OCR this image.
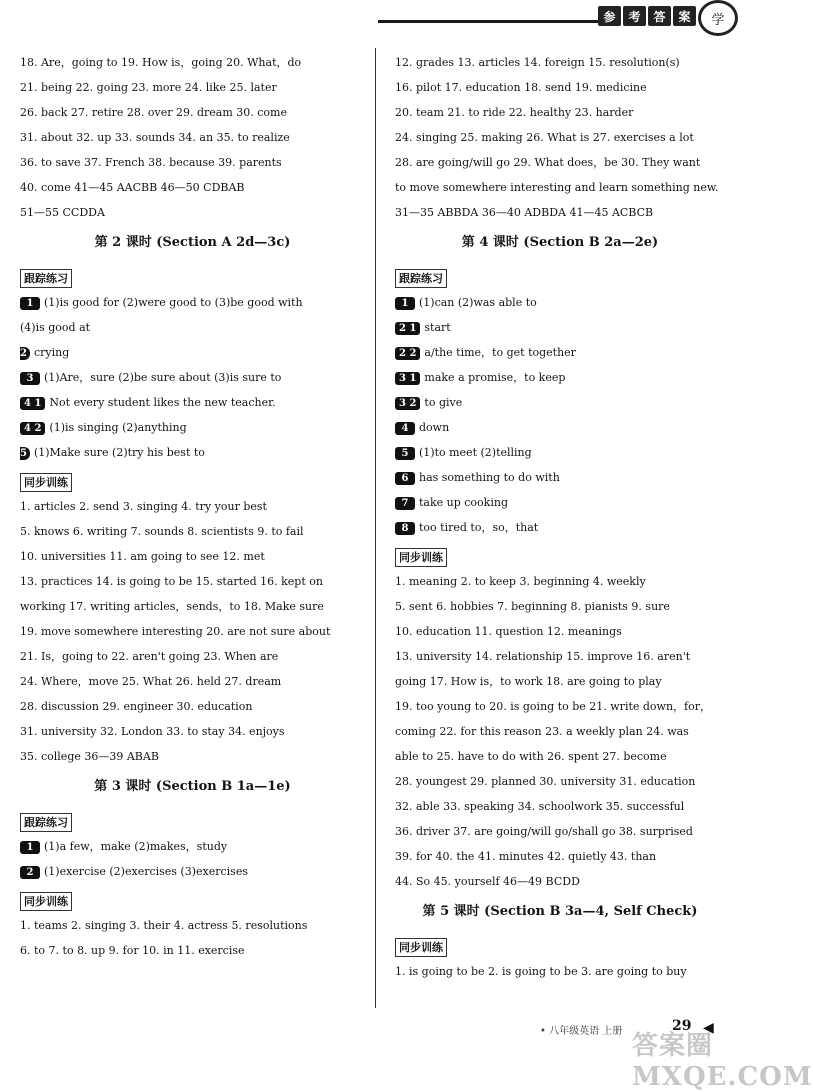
参	考	答	案	学
18. Are，going to 19. How is，going 20. What，do
21. being 22. going 23. more 24. like 25. later
26. back 27. retire 28. over 29. dream 30. come
31. about 32. up 33. sounds 34. an 35. to realize
36. to save 37. French 38. because 39. parents
40. come 41—45 AACBB 46—50 CDBAB
51—55 CCDDA
第 2 课时 (Section A 2d—3c)
跟踪练习
1 (1)is good for (2)were good to (3)be good with
(4)is good at
2 crying
3 (1)Are，sure (2)be sure about (3)is sure to
4 1 Not every student likes the new teacher.
4 2 (1)is singing (2)anything
5 (1)Make sure (2)try his best to
同步训练
1. articles 2. send 3. singing 4. try your best
5. knows 6. writing 7. sounds 8. scientists 9. to fail
10. universities 11. am going to see 12. met
13. practices 14. is going to be 15. started 16. kept on
working 17. writing articles，sends，to 18. Make sure
19. move somewhere interesting 20. are not sure about
21. Is，going to 22. aren't going 23. When are
24. Where，move 25. What 26. held 27. dream
28. discussion 29. engineer 30. education
31. university 32. London 33. to stay 34. enjoys
35. college 36—39 ABAB
第 3 课时 (Section B 1a—1e)
跟踪练习
1 (1)a few，make (2)makes，study
2 (1)exercise (2)exercises (3)exercises
同步训练
1. teams 2. singing 3. their 4. actress 5. resolutions
6. to 7. to 8. up 9. for 10. in 11. exercise
12. grades 13. articles 14. foreign 15. resolution(s)
16. pilot 17. education 18. send 19. medicine
20. team 21. to ride 22. healthy 23. harder
24. singing 25. making 26. What is 27. exercises a lot
28. are going/will go 29. What does，be 30. They want
to move somewhere interesting and learn something new.
31—35 ABBDA 36—40 ADBDA 41—45 ACBCB
第 4 课时 (Section B 2a—2e)
跟踪练习
1 (1)can (2)was able to
2 1 start
2 2 a/the time，to get together
3 1 make a promise，to keep
3 2 to give
4 down
5 (1)to meet (2)telling
6 has something to do with
7 take up cooking
8 too tired to，so，that
同步训练
1. meaning 2. to keep 3. beginning 4. weekly
5. sent 6. hobbies 7. beginning 8. pianists 9. sure
10. education 11. question 12. meanings
13. university 14. relationship 15. improve 16. aren't
going 17. How is，to work 18. are going to play
19. too young to 20. is going to be 21. write down，for，
coming 22. for this reason 23. a weekly plan 24. was
able to 25. have to do with 26. spent 27. become
28. youngest 29. planned 30. university 31. education
32. able 33. speaking 34. schoolwork 35. successful
36. driver 37. are going/will go/shall go 38. surprised
39. for 40. the 41. minutes 42. quietly 43. than
44. So 45. yourself 46—49 BCDD
第 5 课时 (Section B 3a—4, Self Check)
同步训练
1. is going to be 2. is going to be 3. are going to buy
• 八年级英语 上册	29 ◀
答案圈 MXQE.COM
